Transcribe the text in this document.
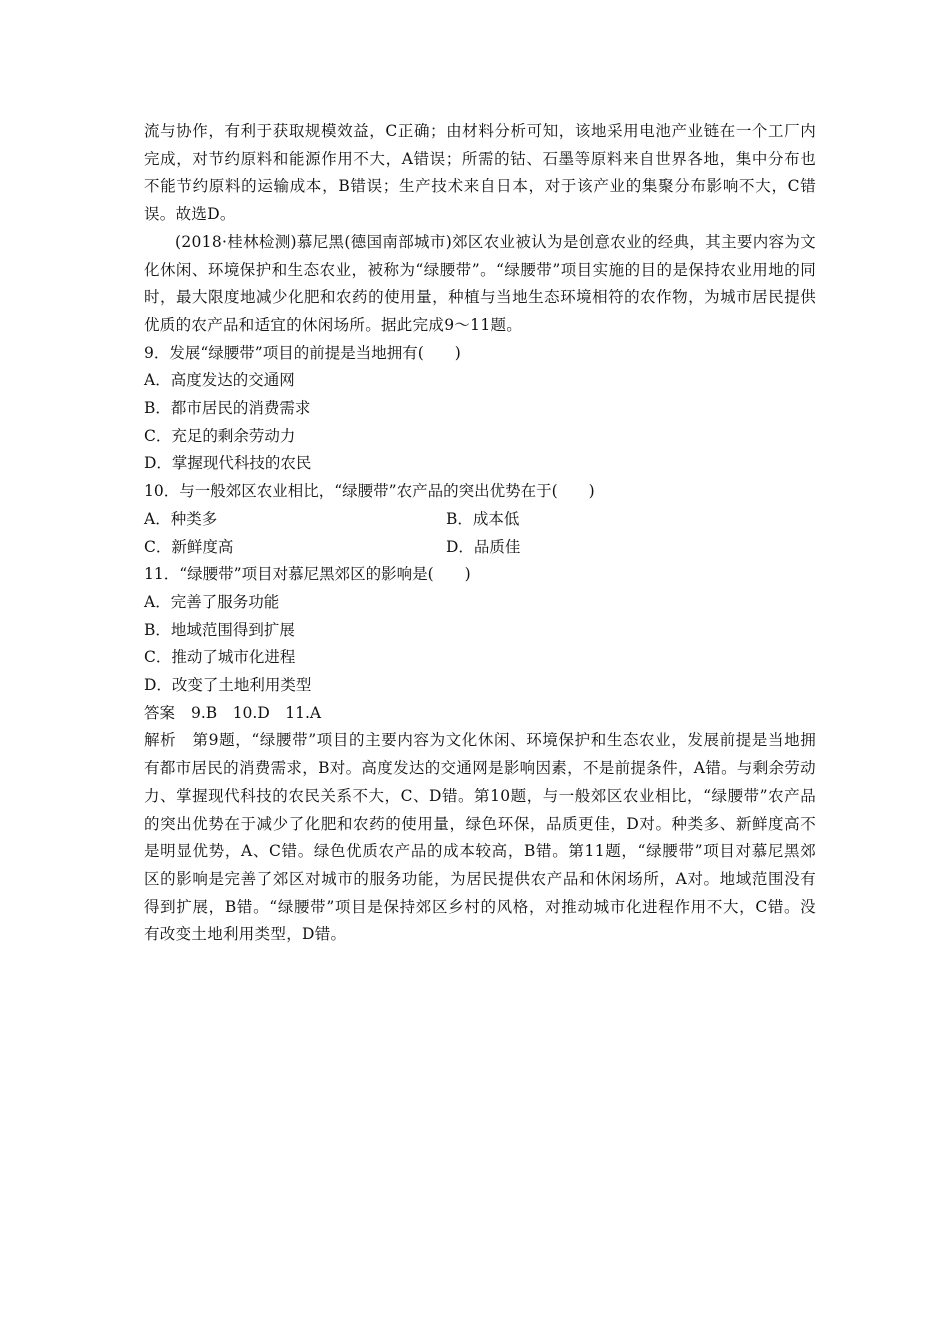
流与协作，有利于获取规模效益，C正确；由材料分析可知，该地采用电池产业链在一个工厂内完成，对节约原料和能源作用不大，A错误；所需的钴、石墨等原料来自世界各地，集中分布也不能节约原料的运输成本，B错误；生产技术来自日本，对于该产业的集聚分布影响不大，C错误。故选D。

(2018·桂林检测)慕尼黑(德国南部城市)郊区农业被认为是创意农业的经典，其主要内容为文化休闲、环境保护和生态农业，被称为“绿腰带”。“绿腰带”项目实施的目的是保持农业用地的同时，最大限度地减少化肥和农药的使用量，种植与当地生态环境相符的农作物，为城市居民提供优质的农产品和适宜的休闲场所。据此完成9～11题。

9．发展“绿腰带”项目的前提是当地拥有(　　)

A．高度发达的交通网

B．都市居民的消费需求

C．充足的剩余劳动力

D．掌握现代科技的农民

10．与一般郊区农业相比，“绿腰带”农产品的突出优势在于(　　)

A．种类多	B．成本低
C．新鲜度高	D．品质佳

11．“绿腰带”项目对慕尼黑郊区的影响是(　　)

A．完善了服务功能

B．地域范围得到扩展

C．推动了城市化进程

D．改变了土地利用类型

答案 9.B　10.D　11.A

解析 第9题，“绿腰带”项目的主要内容为文化休闲、环境保护和生态农业，发展前提是当地拥有都市居民的消费需求，B对。高度发达的交通网是影响因素，不是前提条件，A错。与剩余劳动力、掌握现代科技的农民关系不大，C、D错。第10题，与一般郊区农业相比，“绿腰带”农产品的突出优势在于减少了化肥和农药的使用量，绿色环保，品质更佳，D对。种类多、新鲜度高不是明显优势，A、C错。绿色优质农产品的成本较高，B错。第11题，“绿腰带”项目对慕尼黑郊区的影响是完善了郊区对城市的服务功能，为居民提供农产品和休闲场所，A对。地域范围没有得到扩展，B错。“绿腰带”项目是保持郊区乡村的风格，对推动城市化进程作用不大，C错。没有改变土地利用类型，D错。
